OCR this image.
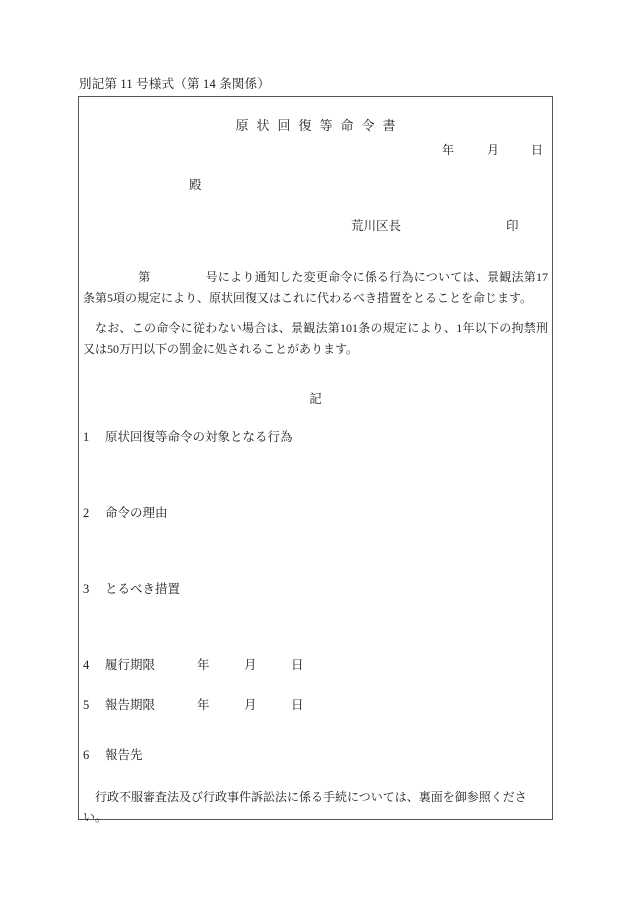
別記第 11 号様式（第 14 条関係）
原状回復等命令書
年	月	日
殿
荒川区長	印

第	号により通知した変更命令に係る行為については、景観法第17条第5項の規定により、原状回復又はこれに代わるべき措置をとることを命じます。

なお、この命令に従わない場合は、景観法第101条の規定により、1年以下の拘禁刑又は50万円以下の罰金に処されることがあります。

記
1 原状回復等命令の対象となる行為
2 命令の理由
3 とるべき措置
4 履行期限	年	月	日
5 報告期限	年	月	日
6 報告先
行政不服審査法及び行政事件訴訟法に係る手続については、裏面を御参照ください。
